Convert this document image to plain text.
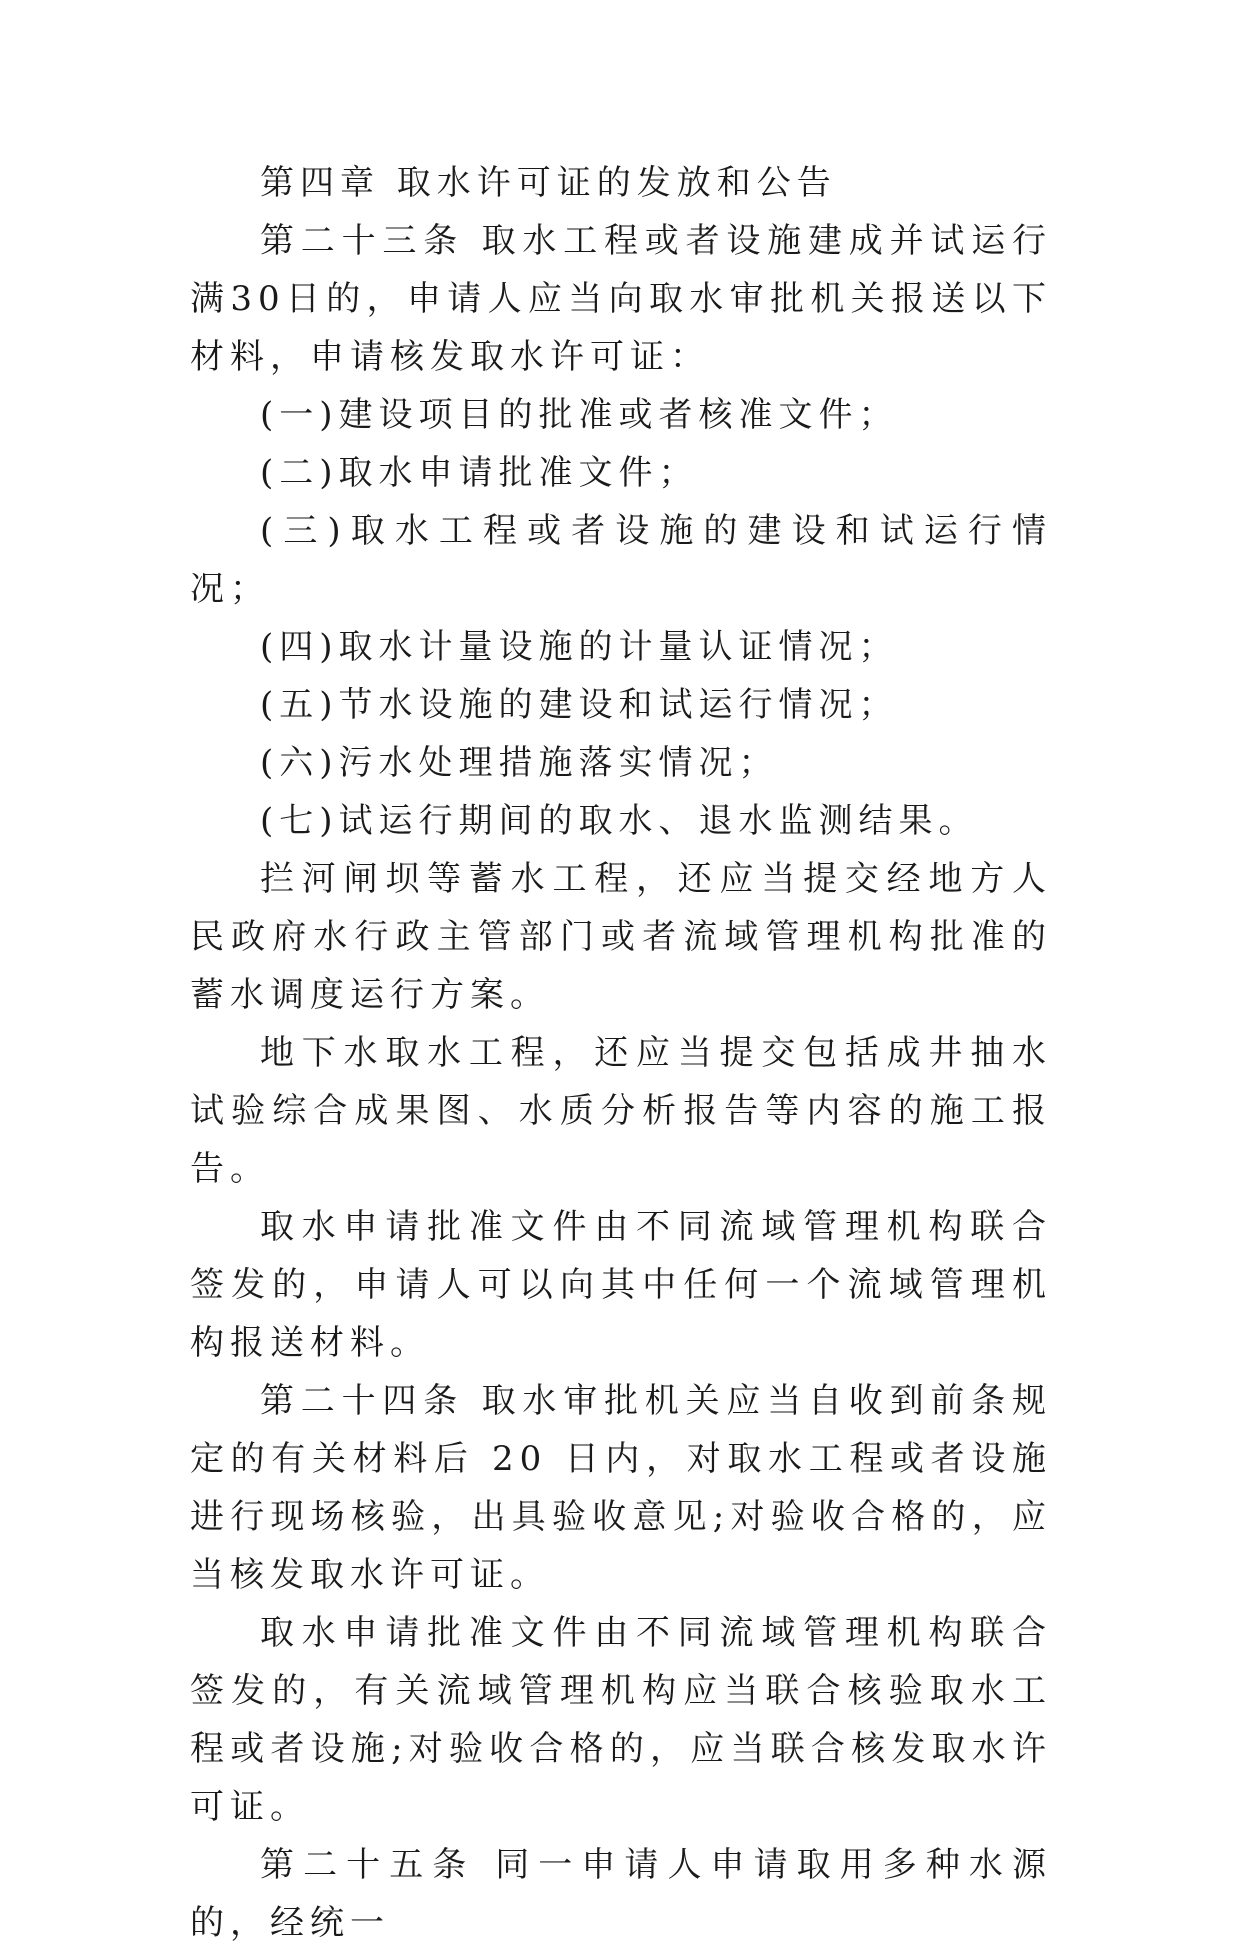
第四章 取水许可证的发放和公告

第二十三条 取水工程或者设施建成并试运行满30日的，申请人应当向取水审批机关报送以下材料，申请核发取水许可证：

(一)建设项目的批准或者核准文件；

(二)取水申请批准文件；

(三)取水工程或者设施的建设和试运行情况；

(四)取水计量设施的计量认证情况；

(五)节水设施的建设和试运行情况；

(六)污水处理措施落实情况；

(七)试运行期间的取水、退水监测结果。

拦河闸坝等蓄水工程，还应当提交经地方人民政府水行政主管部门或者流域管理机构批准的蓄水调度运行方案。

地下水取水工程，还应当提交包括成井抽水试验综合成果图、水质分析报告等内容的施工报告。

取水申请批准文件由不同流域管理机构联合签发的，申请人可以向其中任何一个流域管理机构报送材料。

第二十四条 取水审批机关应当自收到前条规定的有关材料后 20 日内，对取水工程或者设施进行现场核验，出具验收意见;对验收合格的，应当核发取水许可证。

取水申请批准文件由不同流域管理机构联合签发的，有关流域管理机构应当联合核验取水工程或者设施;对验收合格的，应当联合核发取水许可证。

第二十五条 同一申请人申请取用多种水源的，经统一
